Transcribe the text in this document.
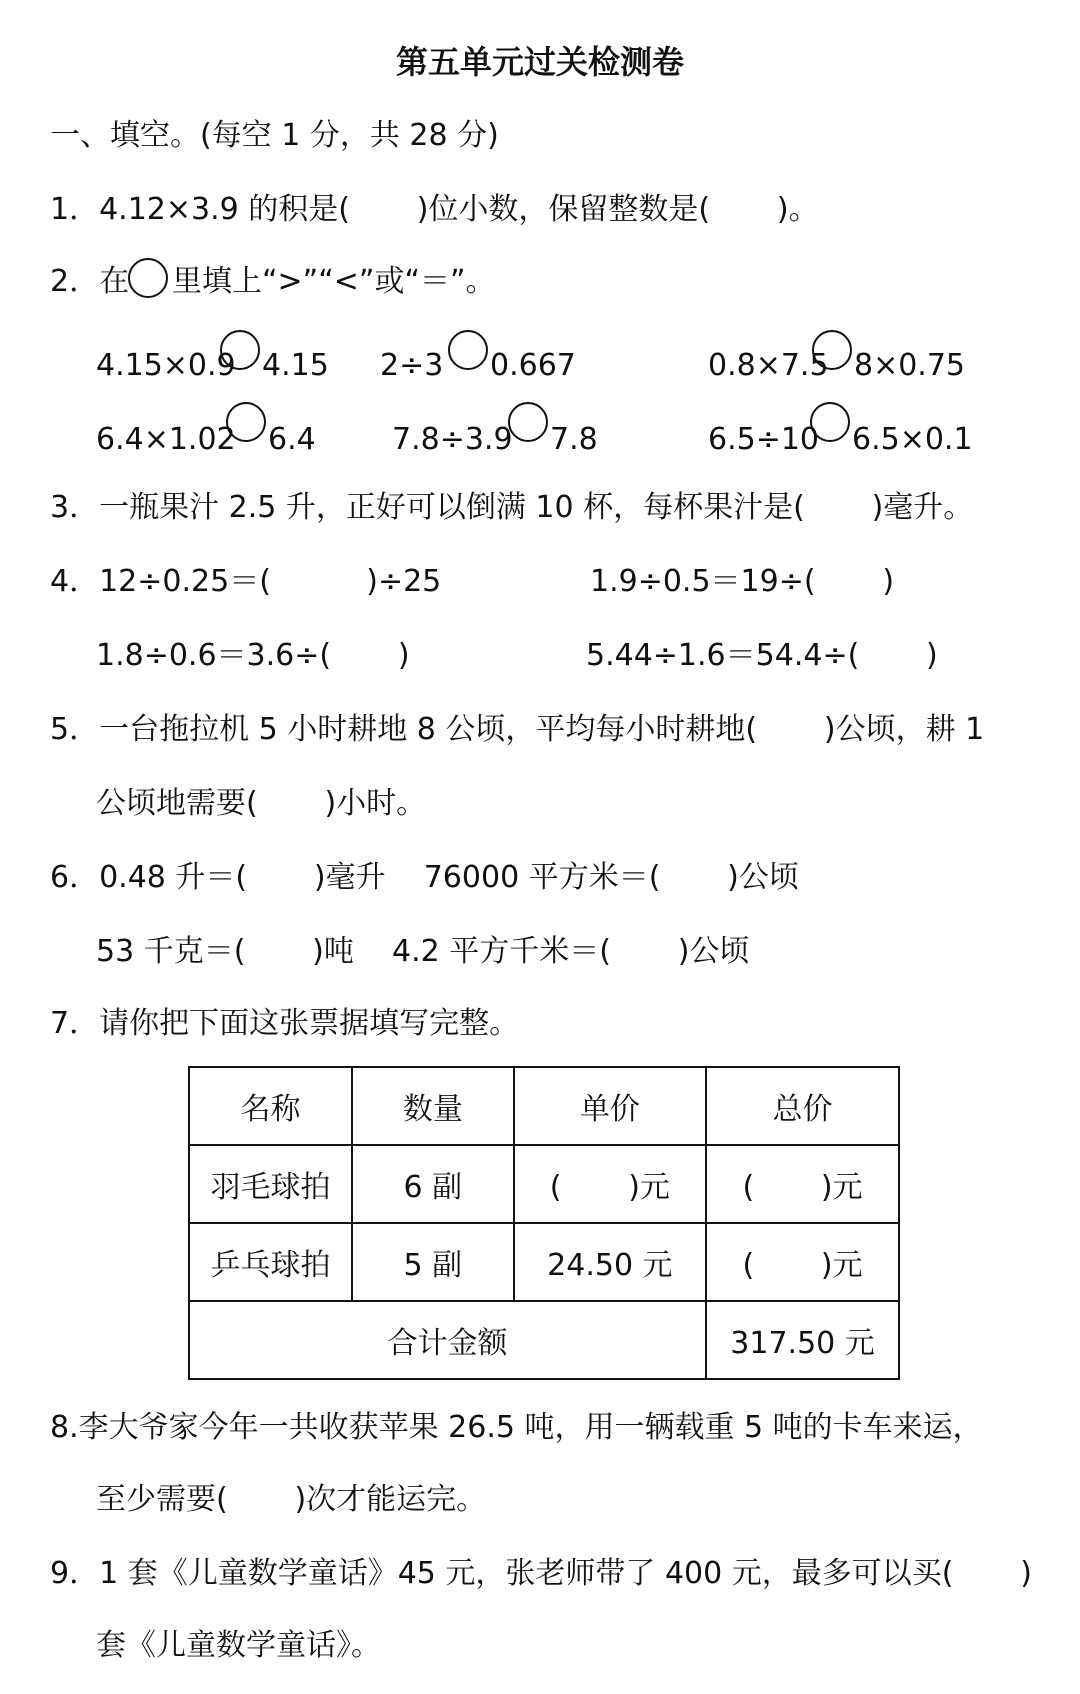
第五单元过关检测卷
一、填空。(每空 1 分，共 28 分)
1．4.12×3.9 的积是(       )位小数，保留整数是(       )。
2．在 里填上“>”“<”或“＝”。
4.15×0.9 4.15 2÷3 0.667	0.8×7.5 8×0.75
6.4×1.02 6.4	7.8÷3.9 7.8	6.5÷10 6.5×0.1
3．一瓶果汁 2.5 升，正好可以倒满 10 杯，每杯果汁是(       )毫升。
4．12÷0.25＝(          )÷25	1.9÷0.5＝19÷(       )
1.8÷0.6＝3.6÷(       )	5.44÷1.6＝54.4÷(       )
5．一台拖拉机 5 小时耕地 8 公顷，平均每小时耕地(       )公顷，耕 1
公顷地需要(       )小时。
6．0.48 升＝(       )毫升    76000 平方米＝(       )公顷
53 千克＝(       )吨    4.2 平方千米＝(       )公顷
7．请你把下面这张票据填写完整。
名称	数量	单价	总价
羽毛球拍	6 副	(       )元	(       )元
乒乓球拍	5 副	24.50 元	(       )元
合计金额			317.50 元
8.李大爷家今年一共收获苹果 26.5 吨，用一辆载重 5 吨的卡车来运，
至少需要(       )次才能运完。
9．1 套《儿童数学童话》45 元，张老师带了 400 元，最多可以买(       )
套《儿童数学童话》。
